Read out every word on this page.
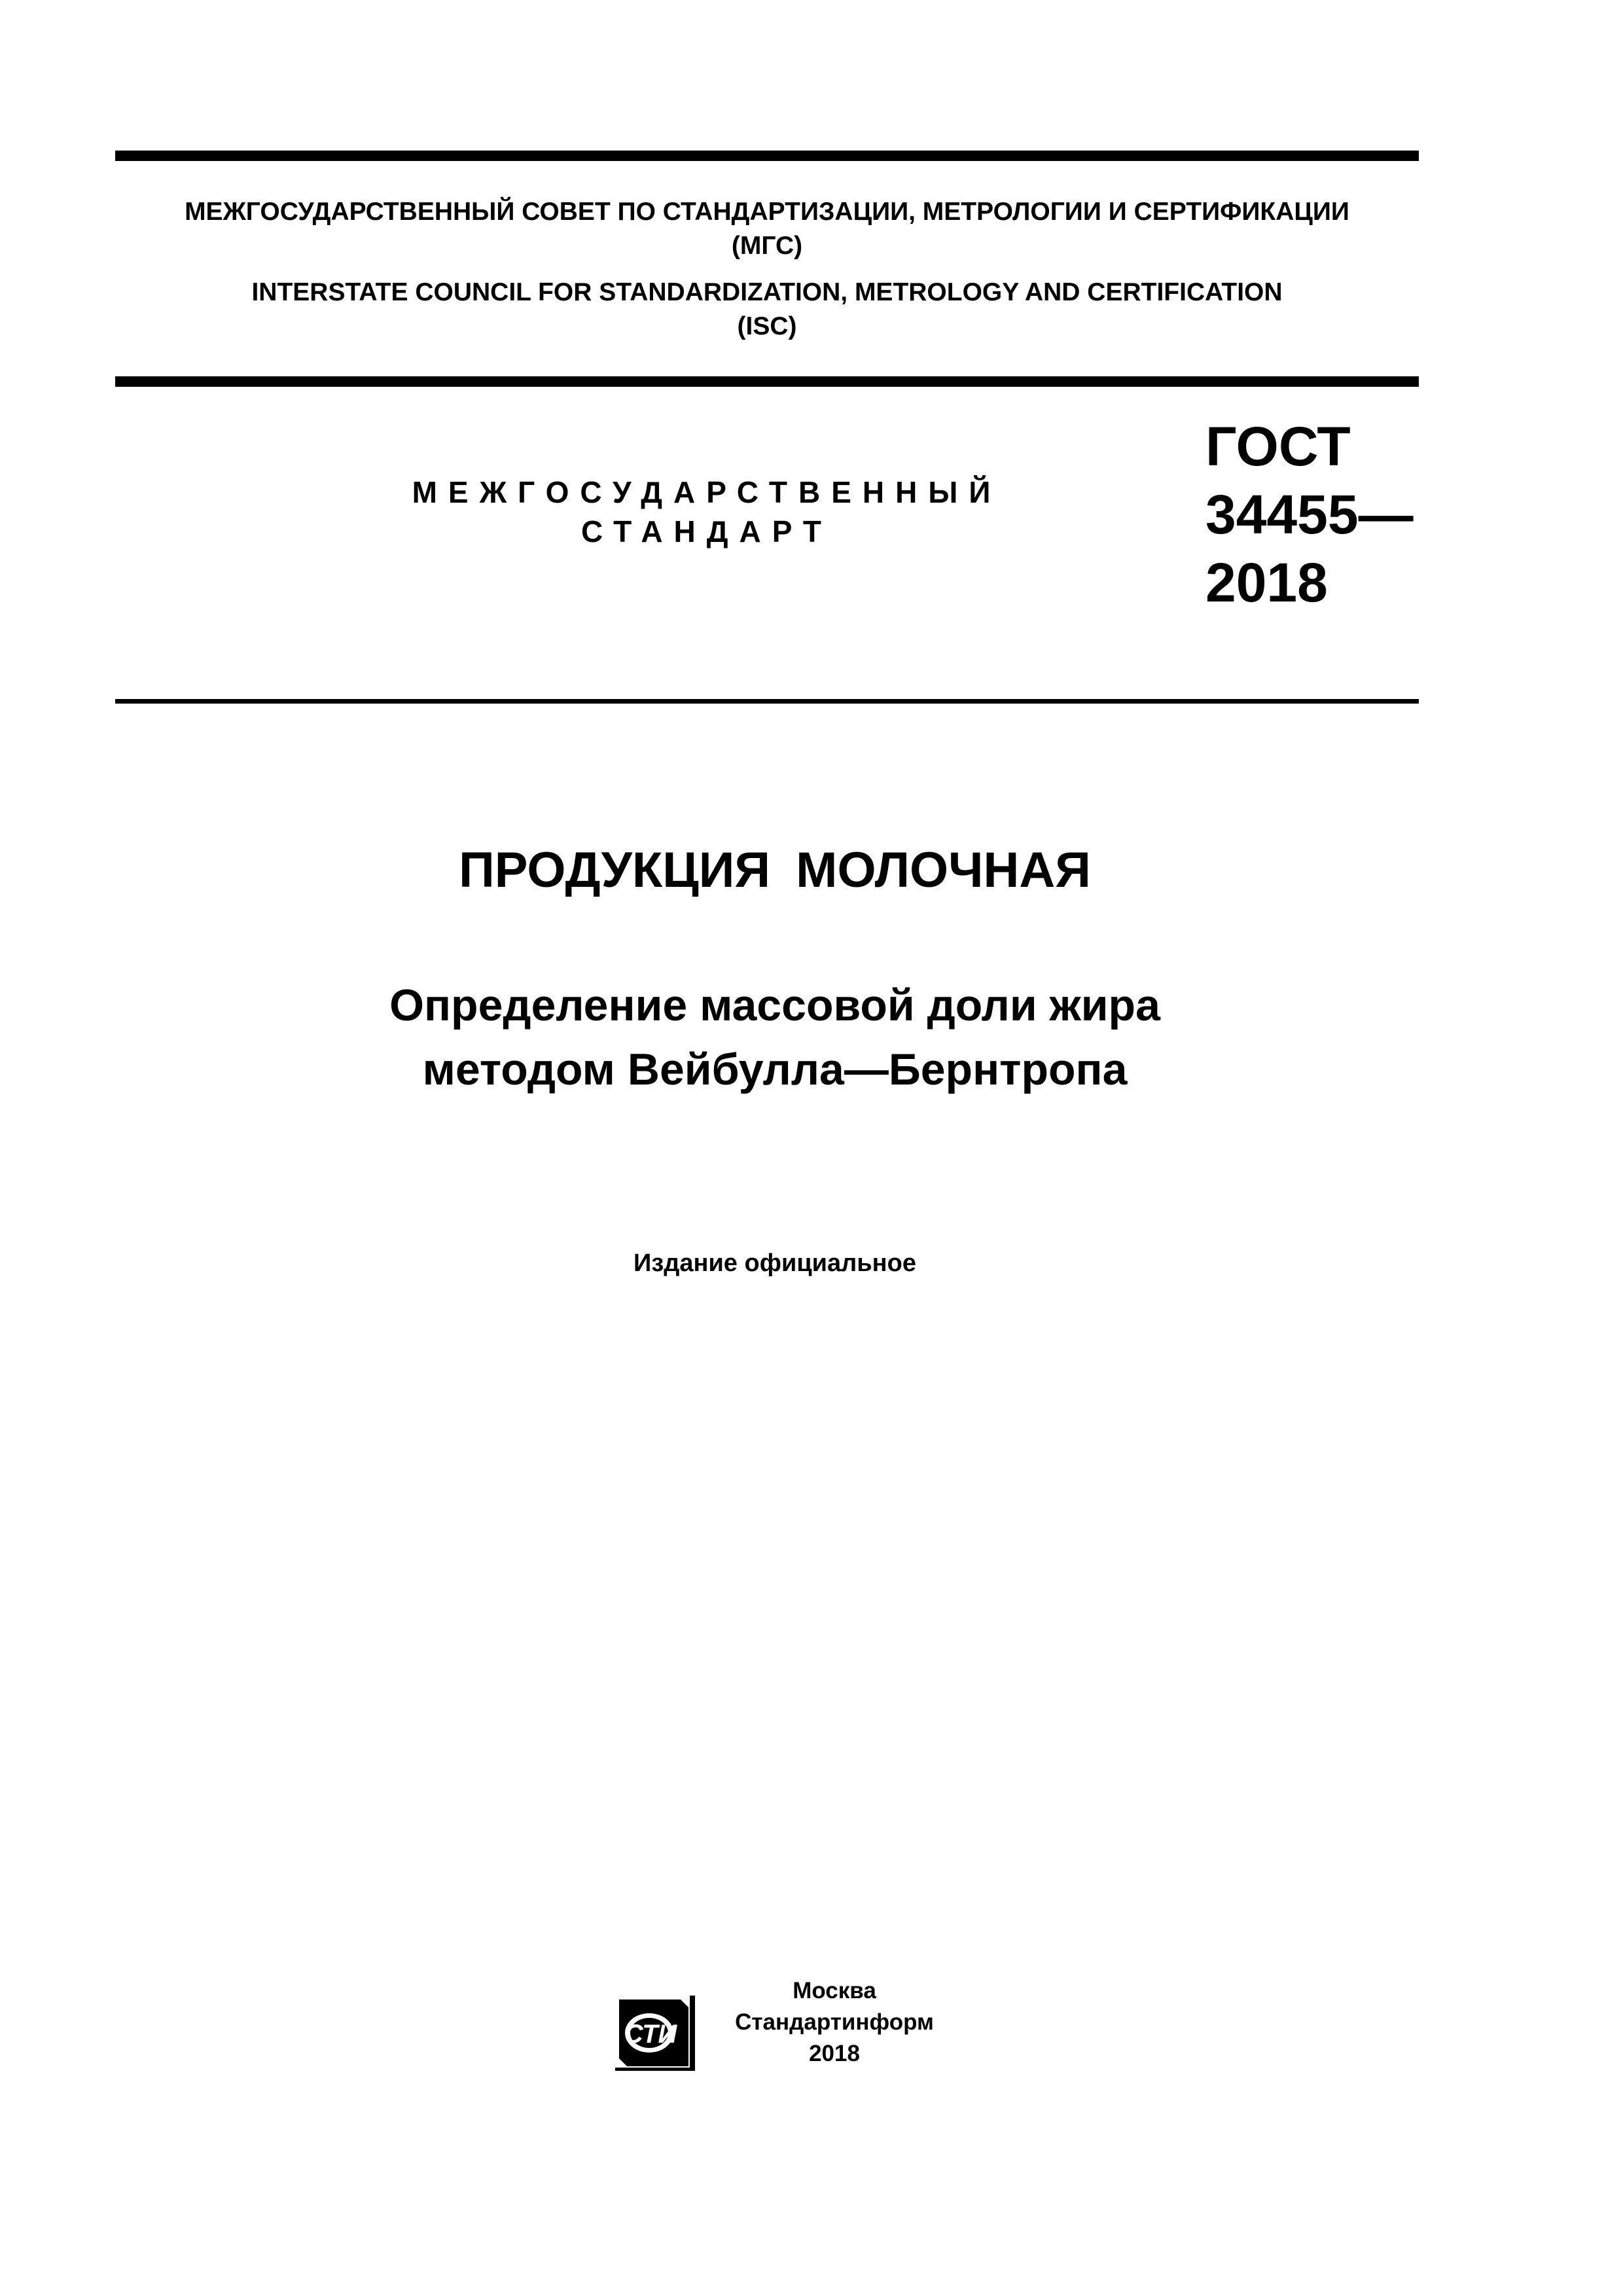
МЕЖГОСУДАРСТВЕННЫЙ СОВЕТ ПО СТАНДАРТИЗАЦИИ, МЕТРОЛОГИИ И СЕРТИФИКАЦИИ
(МГС)
INTERSTATE COUNCIL FOR STANDARDIZATION, METROLOGY AND CERTIFICATION
(ISC)
МЕЖГОСУДАРСТВЕННЫЙ
СТАНДАРТ
ГОСТ
34455—
2018
ПРОДУКЦИЯ МОЛОЧНАЯ
Определение массовой доли жира
методом Вейбулла—Бернтропа
Издание официальное
СТИ
Москва
Стандартинформ
2018
